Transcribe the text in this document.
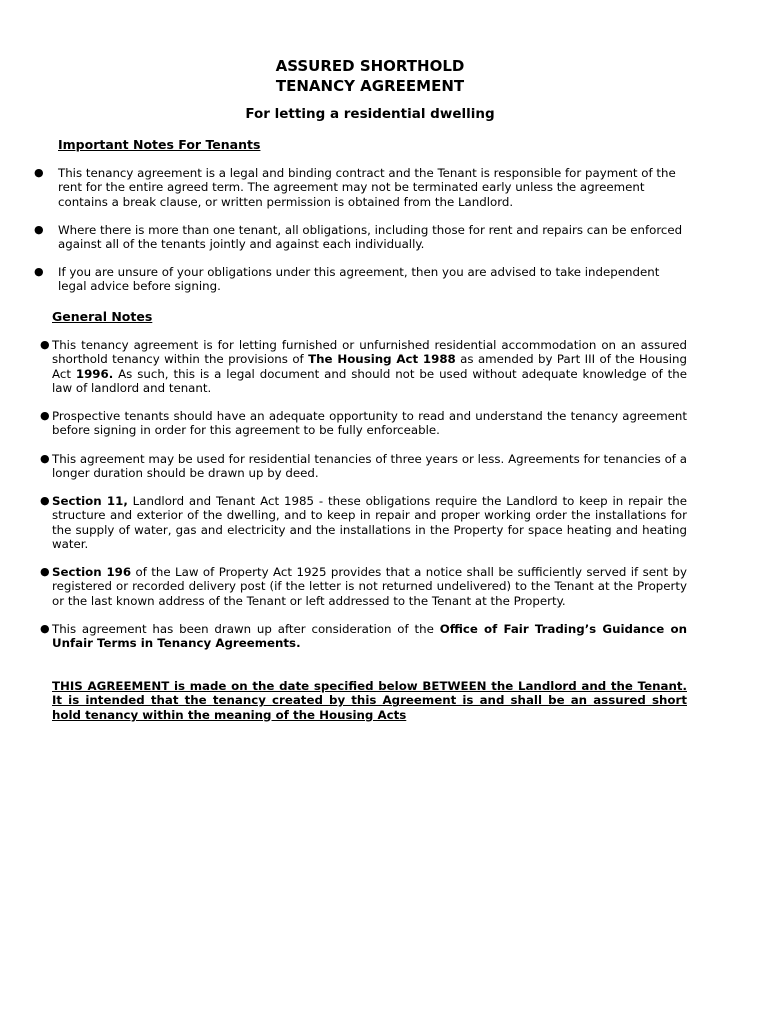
ASSURED SHORTHOLD
TENANCY AGREEMENT
For letting a residential dwelling
Important Notes For Tenants
● This tenancy agreement is a legal and binding contract and the Tenant is responsible for payment of the rent for the entire agreed term. The agreement may not be terminated early unless the agreement contains a break clause, or written permission is obtained from the Landlord.
● Where there is more than one tenant, all obligations, including those for rent and repairs can be enforced against all of the tenants jointly and against each individually.
● If you are unsure of your obligations under this agreement, then you are advised to take independent legal advice before signing.
General Notes
● This tenancy agreement is for letting furnished or unfurnished residential accommodation on an assured shorthold tenancy within the provisions of The Housing Act 1988 as amended by Part III of the Housing Act 1996. As such, this is a legal document and should not be used without adequate knowledge of the law of landlord and tenant.
● Prospective tenants should have an adequate opportunity to read and understand the tenancy agreement before signing in order for this agreement to be fully enforceable.
● This agreement may be used for residential tenancies of three years or less. Agreements for tenancies of a longer duration should be drawn up by deed.
● Section 11, Landlord and Tenant Act 1985 - these obligations require the Landlord to keep in repair the structure and exterior of the dwelling, and to keep in repair and proper working order the installations for the supply of water, gas and electricity and the installations in the Property for space heating and heating water.
● Section 196 of the Law of Property Act 1925 provides that a notice shall be sufficiently served if sent by registered or recorded delivery post (if the letter is not returned undelivered) to the Tenant at the Property or the last known address of the Tenant or left addressed to the Tenant at the Property.
● This agreement has been drawn up after consideration of the Office of Fair Trading’s Guidance on Unfair Terms in Tenancy Agreements.
THIS AGREEMENT is made on the date specified below BETWEEN the Landlord and the Tenant. It is intended that the tenancy created by this Agreement is and shall be an assured short hold tenancy within the meaning of the Housing Acts
